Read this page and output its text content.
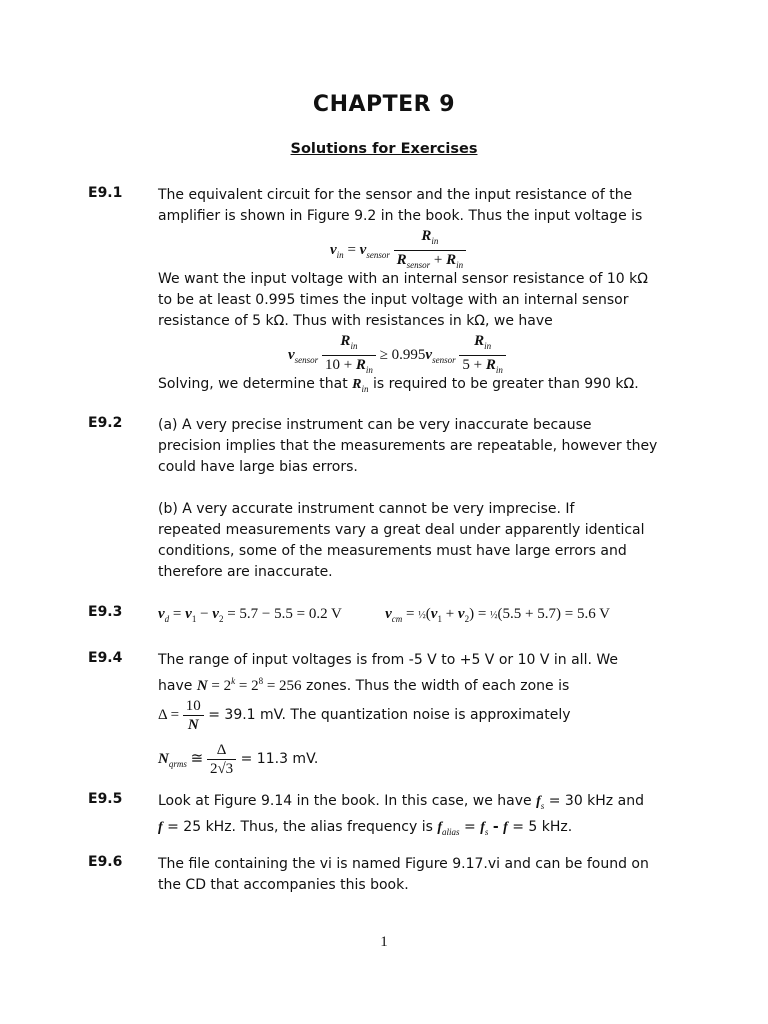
CHAPTER 9
Solutions for Exercises
E9.1	The equivalent circuit for the sensor and the input resistance of the

amplifier is shown in Figure 9.2 in the book. Thus the input voltage is

$v_{in} = v_{sensor} \frac{R_{in}}{R_{sensor} + R_{in}}$

We want the input voltage with an internal sensor resistance of 10 kΩ

to be at least 0.995 times the input voltage with an internal sensor

resistance of 5 kΩ. Thus with resistances in kΩ, we have

$v_{sensor} \frac{R_{in}}{10 + R_{in}} \ge 0.995v_{sensor} \frac{R_{in}}{5 + R_{in}}$

Solving, we determine that $R_{in}$ is required to be greater than 990 kΩ.

E9.2	(a) A very precise instrument can be very inaccurate because

precision implies that the measurements are repeatable, however they

could have large bias errors.

(b) A very accurate instrument cannot be very imprecise. If

repeated measurements vary a great deal under apparently identical

conditions, some of the measurements must have large errors and

therefore are inaccurate.

E9.3 $v_d = v_1 - v_2 = 5.7 - 5.5 = 0.2$ V	$v_{cm}$ = $\frac{1}{2}(v_1 + v_2)$ = ½(5.5 + 5.7) = 5.6 V

E9.4	The range of input voltages is from -5 V to +5 V or 10 V in all. We

have $N = 2^k = 2^8 = 256$ zones. Thus the width of each zone is

$\Delta = \frac{10}{N} = 39.1$ mV. The quantization noise is approximately
$N_{qrms}$ ≅ $\frac{\Delta}{2√3} = 11.3$ mV.
E9.5	Look at Figure 9.14 in the book. In this case, we have $f_s = 30$ kHz and

f = 25 kHz. Thus, the alias frequency is $f_{alias} = f_s - f = 5$ kHz.

E9.6	The file containing the vi is named Figure 9.17.vi and can be found on

the CD that accompanies this book.

1
